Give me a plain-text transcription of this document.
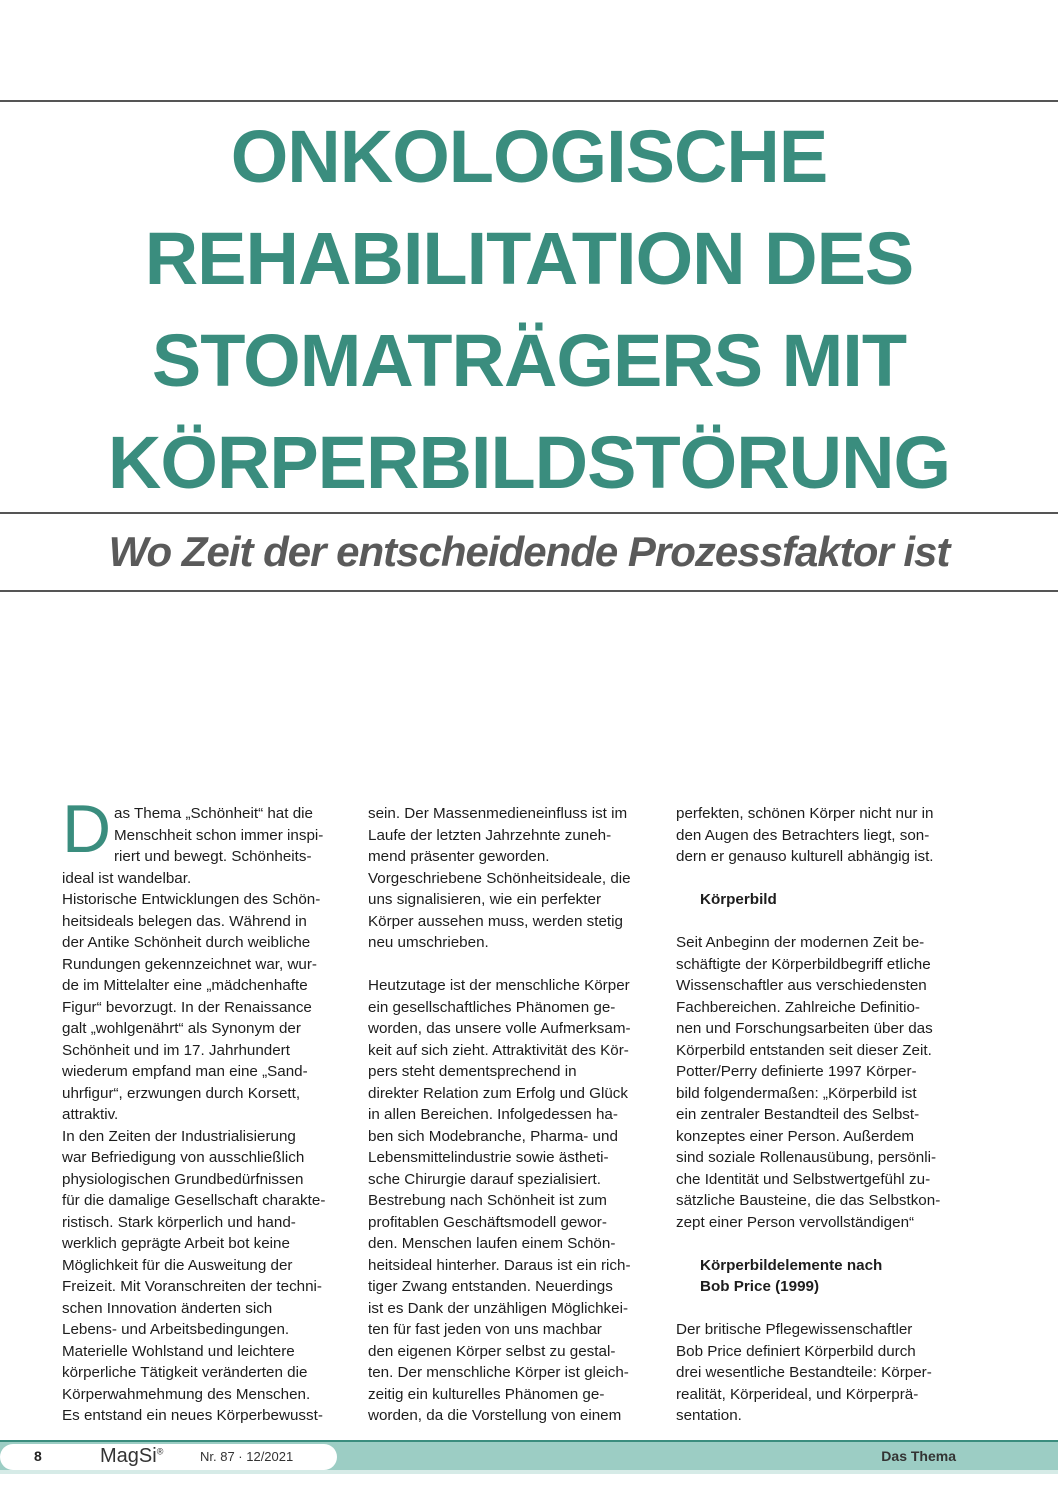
ONKOLOGISCHE
REHABILITATION DES
STOMATRÄGERS MIT
KÖRPERBILDSTÖRUNG
Wo Zeit der entscheidende Prozessfaktor ist
D as Thema „Schönheit“ hat die
Menschheit schon immer inspi-
riert und bewegt. Schönheits-
ideal ist wandelbar.
Historische Entwicklungen des Schön-
heitsideals belegen das. Während in
der Antike Schönheit durch weibliche
Rundungen gekennzeichnet war, wur-
de im Mittelalter eine „mädchenhafte
Figur“ bevorzugt. In der Renaissance
galt „wohlgenährt“ als Synonym der
Schönheit und im 17. Jahrhundert
wiederum empfand man eine „Sand-
uhrfigur“, erzwungen durch Korsett,
attraktiv.
In den Zeiten der Industrialisierung
war Befriedigung von ausschließlich
physiologischen Grundbedürfnissen
für die damalige Gesellschaft charakte-
ristisch. Stark körperlich und hand-
werklich geprägte Arbeit bot keine
Möglichkeit für die Ausweitung der
Freizeit. Mit Voranschreiten der techni-
schen Innovation änderten sich
Lebens- und Arbeitsbedingungen.
Materielle Wohlstand und leichtere
körperliche Tätigkeit veränderten die
Körperwahmehmung des Menschen.
Es entstand ein neues Körperbewusst-
sein. Der Massenmedieneinfluss ist im
Laufe der letzten Jahrzehnte zuneh-
mend präsenter geworden.
Vorgeschriebene Schönheitsideale, die
uns signalisieren, wie ein perfekter
Körper aussehen muss, werden stetig
neu umschrieben.
Heutzutage ist der menschliche Körper
ein gesellschaftliches Phänomen ge-
worden, das unsere volle Aufmerksam-
keit auf sich zieht. Attraktivität des Kör-
pers steht dementsprechend in
direkter Relation zum Erfolg und Glück
in allen Bereichen. Infolgedessen ha-
ben sich Modebranche, Pharma- und
Lebensmittelindustrie sowie ästheti-
sche Chirurgie darauf spezialisiert.
Bestrebung nach Schönheit ist zum
profitablen Geschäftsmodell gewor-
den. Menschen laufen einem Schön-
heitsideal hinterher. Daraus ist ein rich-
tiger Zwang entstanden. Neuerdings
ist es Dank der unzähligen Möglichkei-
ten für fast jeden von uns machbar
den eigenen Körper selbst zu gestal-
ten. Der menschliche Körper ist gleich-
zeitig ein kulturelles Phänomen ge-
worden, da die Vorstellung von einem
perfekten, schönen Körper nicht nur in
den Augen des Betrachters liegt, son-
dern er genauso kulturell abhängig ist.
Körperbild
Seit Anbeginn der modernen Zeit be-
schäftigte der Körperbildbegriff etliche
Wissenschaftler aus verschiedensten
Fachbereichen. Zahlreiche Definitio-
nen und Forschungsarbeiten über das
Körperbild entstanden seit dieser Zeit.
Potter/Perry definierte 1997 Körper-
bild folgendermaßen: „Körperbild ist
ein zentraler Bestandteil des Selbst-
konzeptes einer Person. Außerdem
sind soziale Rollenausübung, persönli-
che Identität und Selbstwertgefühl zu-
sätzliche Bausteine, die das Selbstkon-
zept einer Person vervollständigen“
Körperbildelemente nach
Bob Price (1999)
Der britische Pflegewissenschaftler
Bob Price definiert Körperbild durch
drei wesentliche Bestandteile: Körper-
realität, Körperideal, und Körperprä-
sentation.
8	MagSi®	Nr. 87 · 12/2021	Das Thema
